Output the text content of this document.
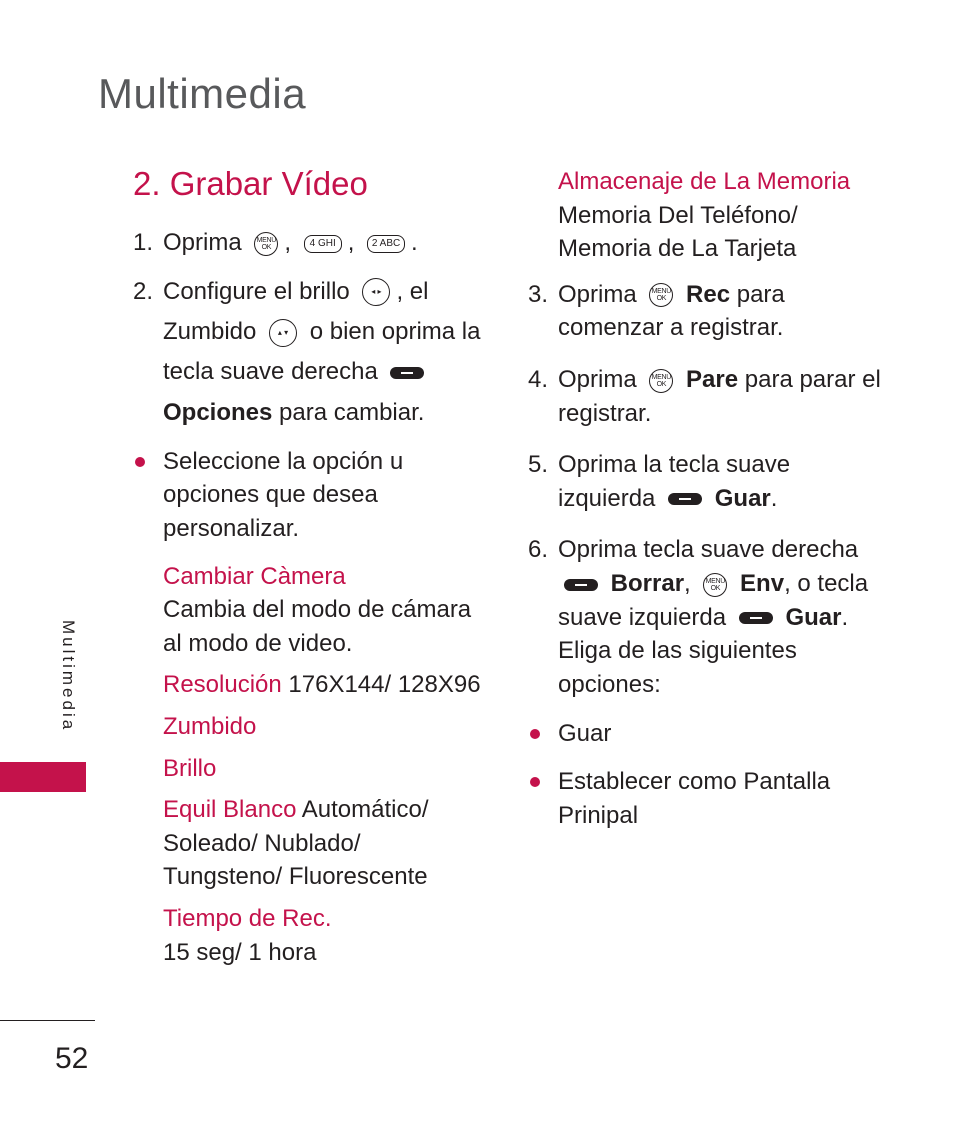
Multimedia
2. Grabar Vídeo
1. Oprima MENU OK , 4 GHI , 2 ABC .
2. Configure el brillo	◂ ▸ , el Zumbido	▴ ▾ o bien oprima la tecla suave derecha  Opciones para cambiar.
Seleccione la opción u opciones que desea personalizar.
Cambiar Càmera
Cambia del modo de cámara al modo de video.
Resolución 176X144/ 128X96
Zumbido
Brillo
Equil Blanco Automático/ Soleado/ Nublado/ Tungsteno/ Fluorescente
Tiempo de Rec.
15 seg/ 1 hora
Almacenaje de La Memoria
Memoria Del Teléfono/ Memoria de La Tarjeta
3. Oprima MENU OK Rec para comenzar a registrar.
4. Oprima MENU OK Pare para parar el registrar.
5. Oprima la tecla suave izquierda Guar.
6. Oprima tecla suave derecha  Borrar, MENU OK Env, o tecla suave izquierda Guar. Eliga de las siguientes opciones:
Guar
Establecer como Pantalla Prinipal
Multimedia
52
